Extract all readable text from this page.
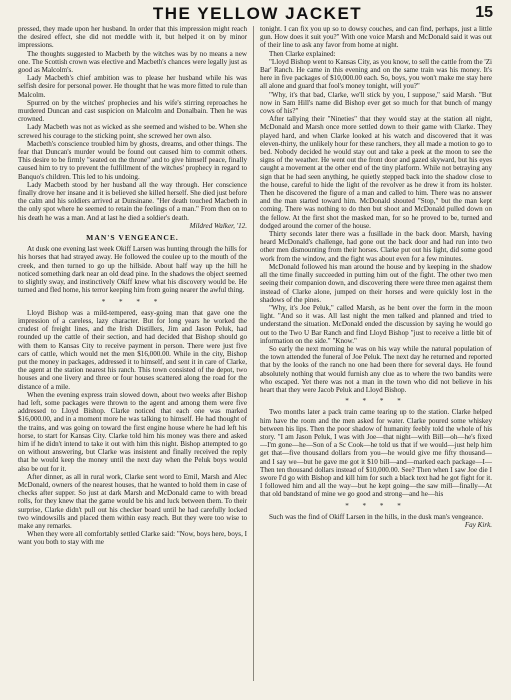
THE YELLOW JACKET	15

pressed, they made upon her husband. In order that this impression might reach the desired effect, she did not meddle with it, but helped it on by minor impressions.

The thoughts suggested to Macbeth by the witches was by no means a new one. The Scottish crown was elective and Macbeth's chances were legally just as good as Malcolm's.

Lady Macbeth's chief ambition was to please her husband while his was selfish desire for personal power. He thought that he was more fitted to rule than Malcolm.

Spurred on by the witches' prophecies and his wife's stirring reproaches he murdered Duncan and cast suspicion on Malcolm and Donalbain. Then he was crowned.

Lady Macbeth was not as wicked as she seemed and wished to be. When she screwed his courage to the sticking point, she screwed her own also.

Macbeth's conscience troubled him by ghosts, dreams, and other things. The fear that Duncan's murder would be found out caused him to commit others. This desire to be firmly "seated on the throne" and to give himself peace, finally caused him to try to prevent the fulfillment of the witches' prophecy in regard to Banquo's children. This led to his undoing.

Lady Macbeth stood by her husband all the way through. Her conscience finally drove her insane and it is believed she killed herself. She died just before the calm and his soldiers arrived at Dunsinane. "Her death touched Macbeth in the only spot where he seemed to retain the feelings of a man." From then on to his death he was a man. And at last he died a soldier's death.

Mildred Walker, '12.
MAN'S VENGEANCE.

At dusk one evening last week Okiff Larsen was hunting through the hills for his horses that had strayed away. He followed the coulee up to the mouth of the creek, and then turned to go up the hillside. About half way up the hill he noticed something dark near an old dead pine. In the shadows the object seemed to slightly sway, and instinctively Okiff knew what his discovery would be. He turned and fled home, his terror keeping him from going nearer the awful thing.

* * * *

Lloyd Bishop was a mild-tempered, easy-going man that gave one the impression of a careless, lazy character. But for long years he worked the crudest of freight lines, and the Irish Distillers, Jim and Jason Peluk, had rounded up the cattle of their section, and had decided that Bishop should go with them to Kansas City to receive payment in person. There were just five cars of cattle, which would net the men $16,000.00. While in the city, Bishop put the money in packages, addressed it to himself, and sent it in care of Clarke, the agent at the station nearest his ranch. This town consisted of the depot, two houses and one livery and three or four houses scattered along the road for the distance of a mile.

When the evening express train slowed down, about two weeks after Bishop had left, some packages were thrown to the agent and among them were five addressed to Lloyd Bishop. Clarke noticed that each one was marked $16,000.00, and in a moment more he was talking to himself. He had thought of the trains, and was going on toward the first engine house where he had left his horse, to start for Kansas City. Clarke told him his money was there and asked him if he didn't intend to take it out with him this night. Bishop attempted to go on without answering, but Clarke was insistent and finally received the reply that he would keep the money until the next day when the Peluk boys would also be out for it.

After dinner, as all in rural work, Clarke sent word to Emil, Marsh and Alec McDonald, owners of the nearest houses, that he wanted to hold them in case of checks after supper. So just at dark Marsh and McDonald came to with bread rolls, for they knew that the game would be his and luck between them. To their surprise, Clarke didn't pull out his checker board until he had carefully locked two windowsills and placed them within easy reach. But they were too wise to make any remarks.

When they were all comfortably settled Clarke said: "Now, boys here, boys, I want you both to stay with me

tonight. I can fix you up so to dowsy couches, and can find, perhaps, just a little gun. How does it suit you?" With one voice Marsh and McDonald said it was out of their line to ask any favor from home at night.

Then Clarke explained:

"Lloyd Bishop went to Kansas City, as you know, to sell the cattle from the 'Zi Bar' Ranch. He came in this evening and on the same train was his money. It's here in five packages of $10,000.00 each. So, boys, you won't make me stay here all alone and guard that fool's money tonight, will you?"

"Why, it's that bad, Clarke, we'll stick by you, I suppose," said Marsh. "But now in Sam Hill's name did Bishop ever get so much for that bunch of mangy cows of his?"

After tallying their "Nineties" that they would stay at the station all night, McDonald and Marsh once more settled down to their game with Clarke. They played hard, and when Clarke looked at his watch and discovered that it was eleven-thirty, the unlikely hour for these ranchers, they all made a motion to go to bed. Nobody decided he would stay out and take a peek at the moon to see the signs of the weather. He went out the front door and gazed skyward, but his eyes caught a movement at the other end of the tiny platform. While not betraying any sign that he had seen anything, he quietly stepped back into the shadow close to the house, careful to hide the light of the revolver as he drew it from its holster. Then he discovered the figure of a man and called to him. There was no answer and the man started toward him. McDonald shouted "Stop," but the man kept coming. There was nothing to do then but shoot and McDonald pulled down on the fellow. At the first shot the masked man, for so he proved to be, turned and dodged around the corner of the house.

Thirty seconds later there was a fusillade in the back door. Marsh, having heard McDonald's challenge, had gone out the back door and had run into two other men dismounting from their horses. Clarke put out his light, did some good work from the window, and the fight was about even for a few minutes.

McDonald followed his man around the house and by keeping in the shadow all the time finally succeeded in putting him out of the fight. The other two men seeing their companion down, and discovering there were three men against them instead of Clarke alone, jumped on their horses and were quickly lost in the shadows of the pines.

"Why, it's Joe Peluk," called Marsh, as he bent over the form in the moon light. "And so it was. All last night the men talked and planned and tried to understand the situation. McDonald ended the discussion by saying he would go out to the Two U Bar Ranch and find Lloyd Bishop "just to receive a little bit of information on the side." "Know."

So early the next morning he was on his way while the natural population of the town attended the funeral of Joe Peluk. The next day he returned and reported that by the looks of the ranch no one had been there for several days. He found absolutely nothing that would furnish any clue as to where the two bandits were who escaped. Yet there was not a man in the town who did not believe in his heart that they were Jacob Peluk and Lloyd Bishop.

* * * *

Two months later a pack train came tearing up to the station. Clarke helped him have the room and the men asked for water. Clarke poured some whiskey between his lips. Then the poor shadow of humanity feebly told the whole of his story. "I am Jason Peluk, I was with Joe—that night—with Bill—oh—he's fixed—I'm gone—he—Son of a Sc Cook—he told us that if we would—just help him get that—five thousand dollars from you—he would give me fifty thousand—and I say we—but he gave me got it $10 bill—and—marked each package—I—Then ten thousand dollars instead of $10,000.00. See? Then when I saw Joe die I swore I'd go with Bishop and kill him for such a black text had he got fight for it. I followed him and all the way—but he kept going—the saw mill—finally—At that old bandstand of mine we go good and strong—and he—his

* * * *

Such was the find of Okiff Larsen in the hills, in the dusk man's vengeance.

Fay Kirk.
